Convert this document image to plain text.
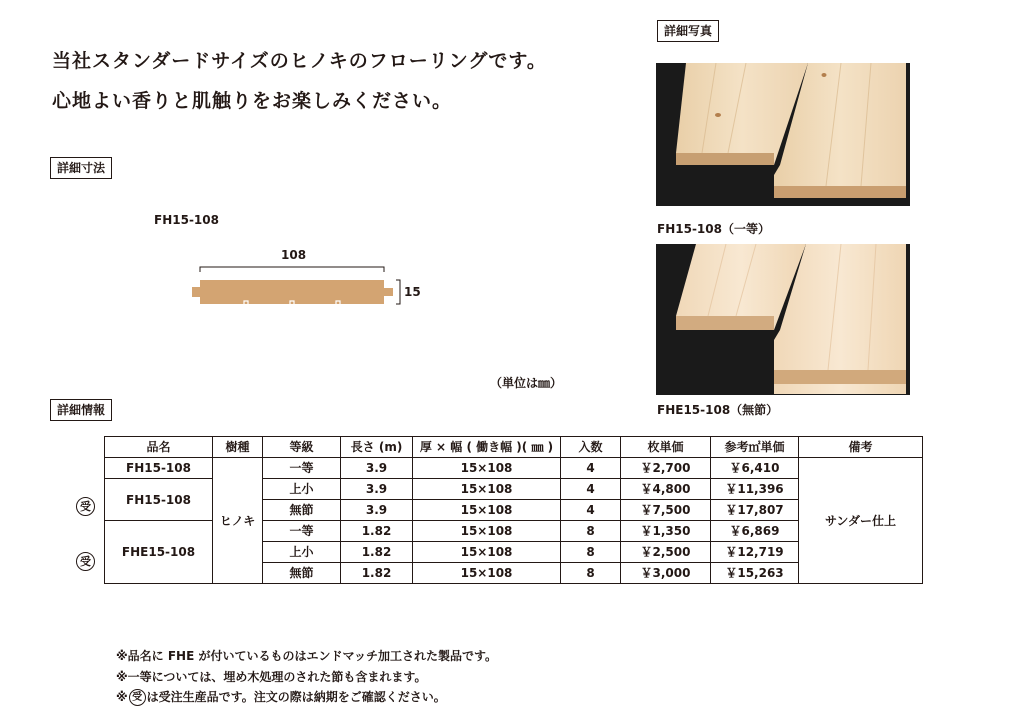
当社スタンダードサイズのヒノキのフローリングです。
心地よい香りと肌触りをお楽しみください。
詳細寸法
FH15-108
108
15
（単位は㎜）
詳細写真
FH15-108（一等）
FHE15-108（無節）
詳細情報
品名	樹種	等級	長さ (m)	厚 × 幅 ( 働き幅 )( ㎜ )	入数	枚単価	参考㎡単価	備考
FH15-108	ヒノキ	一等	3.9	15×108	4	￥2,700	￥6,410	サンダー仕上
FH15-108		上小	3.9	15×108	4	￥4,800	￥11,396	
		無節	3.9	15×108	4	￥7,500	￥17,807	
FHE15-108		一等	1.82	15×108	8	￥1,350	￥6,869	
		上小	1.82	15×108	8	￥2,500	￥12,719	
		無節	1.82	15×108	8	￥3,000	￥15,263	
受
受
※品名に FHE が付いているものはエンドマッチ加工された製品です。
※一等については、埋め木処理のされた節も含まれます。
※ 受 は受注生産品です。注文の際は納期をご確認ください。
